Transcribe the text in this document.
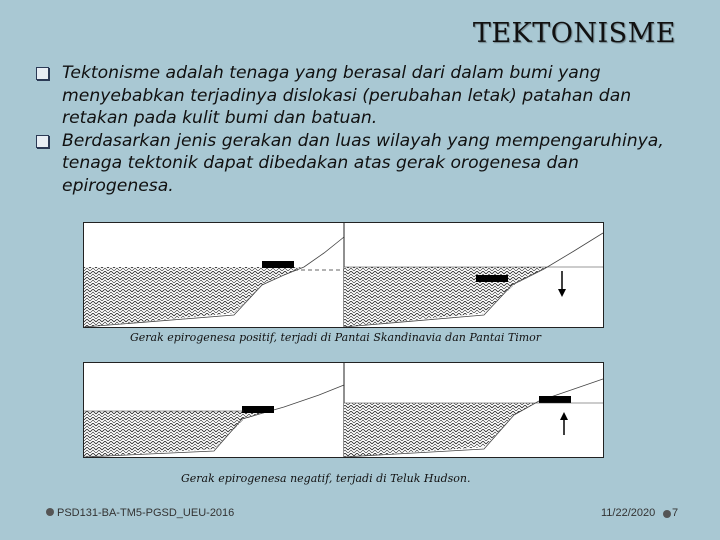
TEKTONISME
Tektonisme adalah tenaga yang berasal dari dalam bumi yang menyebabkan terjadinya dislokasi (perubahan letak) patahan dan retakan pada kulit bumi dan batuan.
Berdasarkan jenis gerakan dan luas wilayah yang mempengaruhinya, tenaga tektonik dapat dibedakan atas gerak orogenesa dan epirogenesa.
Gerak epirogenesa positif, terjadi di Pantai Skandinavia dan Pantai Timor
Gerak epirogenesa negatif, terjadi di Teluk Hudson.
PSD131-BA-TM5-PGSD_UEU-2016	11/22/2020 7
